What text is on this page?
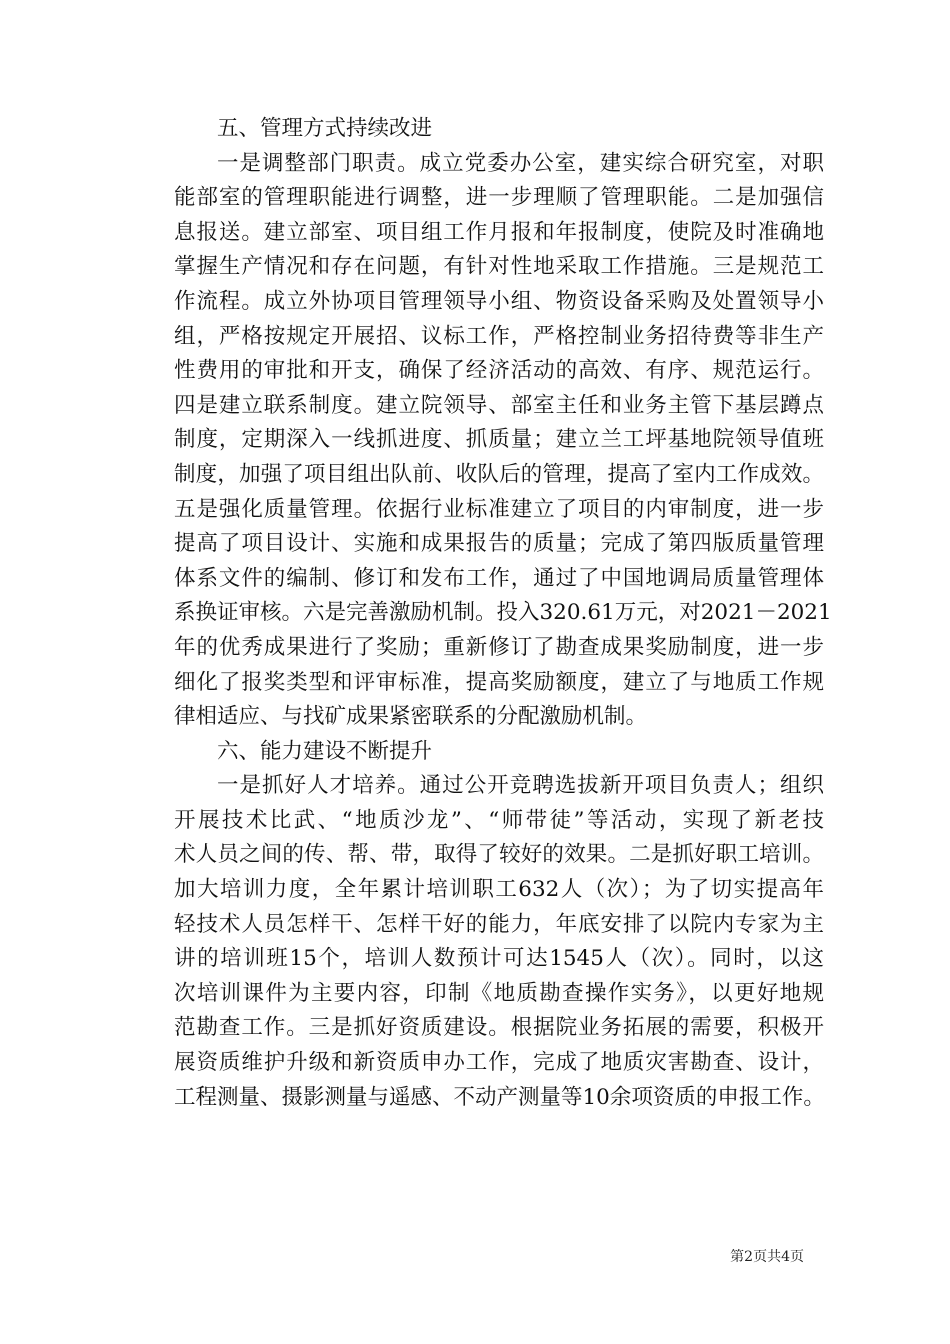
五、管理方式持续改进
一是调整部门职责。成立党委办公室，建实综合研究室，对职
能部室的管理职能进行调整，进一步理顺了管理职能。二是加强信
息报送。建立部室、项目组工作月报和年报制度，使院及时准确地
掌握生产情况和存在问题，有针对性地采取工作措施。三是规范工
作流程。成立外协项目管理领导小组、物资设备采购及处置领导小
组，严格按规定开展招、议标工作，严格控制业务招待费等非生产
性费用的审批和开支，确保了经济活动的高效、有序、规范运行。
四是建立联系制度。建立院领导、部室主任和业务主管下基层蹲点
制度，定期深入一线抓进度、抓质量；建立兰工坪基地院领导值班
制度，加强了项目组出队前、收队后的管理，提高了室内工作成效。
五是强化质量管理。依据行业标准建立了项目的内审制度，进一步
提高了项目设计、实施和成果报告的质量；完成了第四版质量管理
体系文件的编制、修订和发布工作，通过了中国地调局质量管理体
系换证审核。六是完善激励机制。投入320.61万元，对2021－2021
年的优秀成果进行了奖励；重新修订了勘查成果奖励制度，进一步
细化了报奖类型和评审标准，提高奖励额度，建立了与地质工作规
律相适应、与找矿成果紧密联系的分配激励机制。
六、能力建设不断提升
一是抓好人才培养。通过公开竞聘选拔新开项目负责人；组织
开展技术比武、“地质沙龙”、“师带徒”等活动，实现了新老技
术人员之间的传、帮、带，取得了较好的效果。二是抓好职工培训。
加大培训力度，全年累计培训职工632人（次）；为了切实提高年
轻技术人员怎样干、怎样干好的能力，年底安排了以院内专家为主
讲的培训班15个，培训人数预计可达1545人（次）。同时，以这
次培训课件为主要内容，印制《地质勘查操作实务》，以更好地规
范勘查工作。三是抓好资质建设。根据院业务拓展的需要，积极开
展资质维护升级和新资质申办工作，完成了地质灾害勘查、设计，
工程测量、摄影测量与遥感、不动产测量等10余项资质的申报工作。
第2页共4页
